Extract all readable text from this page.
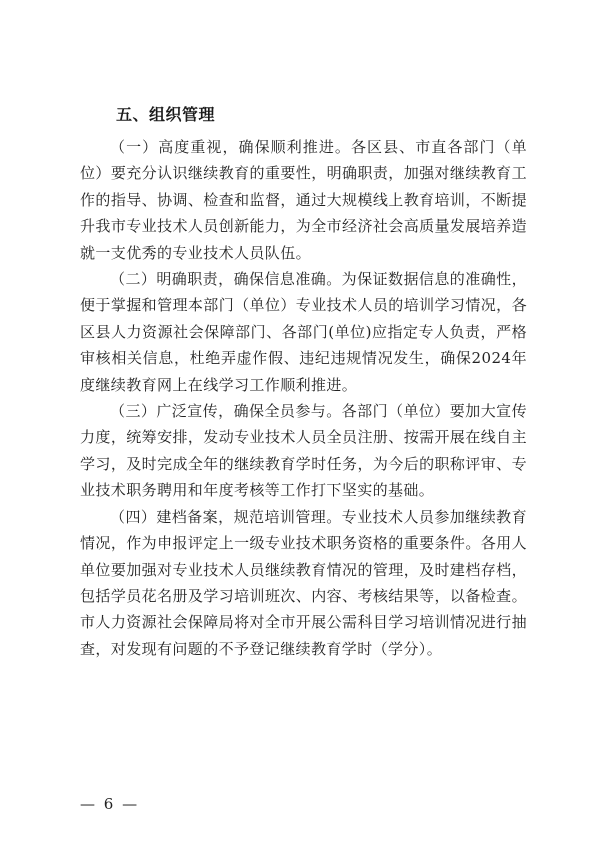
五、组织管理

（一）高度重视，确保顺利推进。各区县、市直各部门（单位）要充分认识继续教育的重要性，明确职责，加强对继续教育工作的指导、协调、检查和监督，通过大规模线上教育培训，不断提升我市专业技术人员创新能力，为全市经济社会高质量发展培养造就一支优秀的专业技术人员队伍。

（二）明确职责，确保信息准确。为保证数据信息的准确性，便于掌握和管理本部门（单位）专业技术人员的培训学习情况，各区县人力资源社会保障部门、各部门(单位)应指定专人负责，严格审核相关信息，杜绝弄虚作假、违纪违规情况发生，确保2024年度继续教育网上在线学习工作顺利推进。

（三）广泛宣传，确保全员参与。各部门（单位）要加大宣传力度，统筹安排，发动专业技术人员全员注册、按需开展在线自主学习，及时完成全年的继续教育学时任务，为今后的职称评审、专业技术职务聘用和年度考核等工作打下坚实的基础。

（四）建档备案，规范培训管理。专业技术人员参加继续教育情况，作为申报评定上一级专业技术职务资格的重要条件。各用人单位要加强对专业技术人员继续教育情况的管理，及时建档存档，包括学员花名册及学习培训班次、内容、考核结果等，以备检查。市人力资源社会保障局将对全市开展公需科目学习培训情况进行抽查，对发现有问题的不予登记继续教育学时（学分）。

— 6 —
